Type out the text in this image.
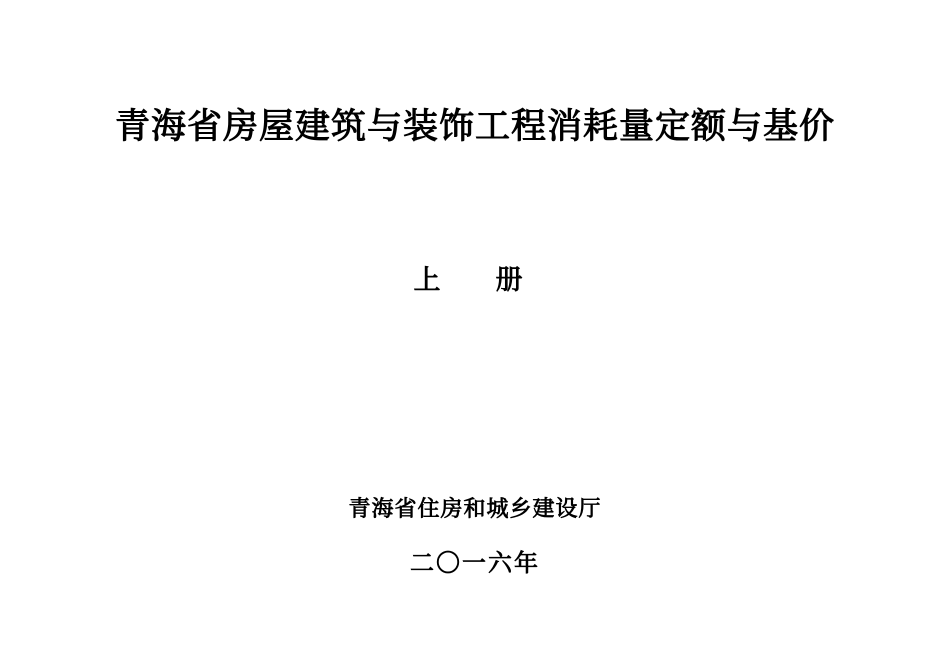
青海省房屋建筑与装饰工程消耗量定额与基价
上　册
青海省住房和城乡建设厅
二〇一六年
